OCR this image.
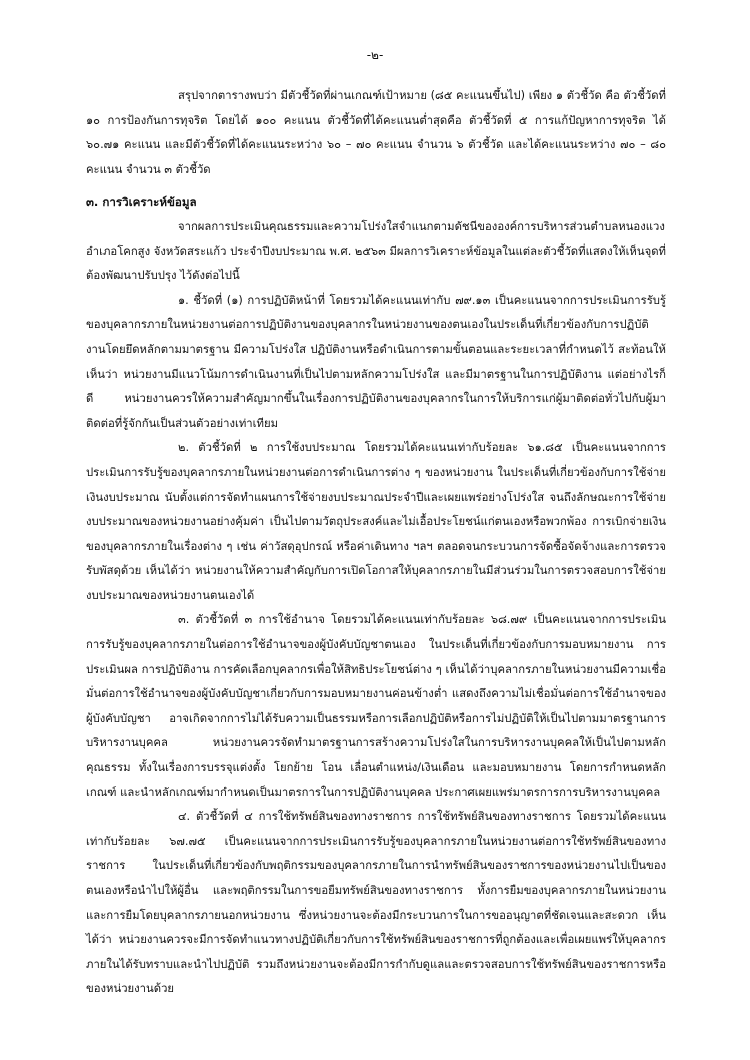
-๒-

สรุปจากตารางพบว่า มีตัวชี้วัดที่ผ่านเกณฑ์เป้าหมาย (๘๕ คะแนนขึ้นไป) เพียง ๑ ตัวชี้วัด คือ ตัวชี้วัดที่ ๑๐ การป้องกันการทุจริต โดยได้ ๑๐๐ คะแนน ตัวชี้วัดที่ได้คะแนนต่ำสุดคือ ตัวชี้วัดที่ ๕ การแก้ปัญหาการทุจริต ได้ ๖๐.๗๑ คะแนน และมีตัวชี้วัดที่ได้คะแนนระหว่าง ๖๐ – ๗๐ คะแนน จำนวน ๖ ตัวชี้วัด และได้คะแนนระหว่าง ๗๐ – ๘๐ คะแนน จำนวน ๓ ตัวชี้วัด

๓. การวิเคราะห์ข้อมูล

จากผลการประเมินคุณธรรมและความโปร่งใสจำแนกตามดัชนีขององค์การบริหารส่วนตำบลหนองแวง อำเภอโคกสูง จังหวัดสระแก้ว ประจำปีงบประมาณ พ.ศ. ๒๕๖๓ มีผลการวิเคราะห์ข้อมูลในแต่ละตัวชี้วัดที่แสดงให้เห็นจุดที่ต้องพัฒนาปรับปรุง ไว้ดังต่อไปนี้

๑. ชี้วัดที่ (๑) การปฏิบัติหน้าที่ โดยรวมได้คะแนนเท่ากับ ๗๙.๑๓ เป็นคะแนนจากการประเมินการรับรู้ของบุคลากรภายในหน่วยงานต่อการปฏิบัติงานของบุคลากรในหน่วยงานของตนเองในประเด็นที่เกี่ยวข้องกับการปฏิบัติงานโดยยึดหลักตามมาตรฐาน มีความโปร่งใส ปฏิบัติงานหรือดำเนินการตามขั้นตอนและระยะเวลาที่กำหนดไว้ สะท้อนให้เห็นว่า หน่วยงานมีแนวโน้มการดำเนินงานที่เป็นไปตามหลักความโปร่งใส และมีมาตรฐานในการปฏิบัติงาน แต่อย่างไรก็ดี หน่วยงานควรให้ความสำคัญมากขึ้นในเรื่องการปฏิบัติงานของบุคลากรในการให้บริการแก่ผู้มาติดต่อทั่วไปกับผู้มาติดต่อที่รู้จักกันเป็นส่วนตัวอย่างเท่าเทียม

๒. ตัวชี้วัดที่ ๒ การใช้งบประมาณ โดยรวมได้คะแนนเท่ากับร้อยละ ๖๑.๘๕ เป็นคะแนนจากการประเมินการรับรู้ของบุคลากรภายในหน่วยงานต่อการดำเนินการต่าง ๆ ของหน่วยงาน ในประเด็นที่เกี่ยวข้องกับการใช้จ่ายเงินงบประมาณ นับตั้งแต่การจัดทำแผนการใช้จ่ายงบประมาณประจำปีและเผยแพร่อย่างโปร่งใส จนถึงลักษณะการใช้จ่ายงบประมาณของหน่วยงานอย่างคุ้มค่า เป็นไปตามวัตถุประสงค์และไม่เอื้อประโยชน์แก่ตนเองหรือพวกพ้อง การเบิกจ่ายเงินของบุคลากรภายในเรื่องต่าง ๆ เช่น ค่าวัสดุอุปกรณ์ หรือค่าเดินทาง ฯลฯ ตลอดจนกระบวนการจัดซื้อจัดจ้างและการตรวจรับพัสดุด้วย เห็นได้ว่า หน่วยงานให้ความสำคัญกับการเปิดโอกาสให้บุคลากรภายในมีส่วนร่วมในการตรวจสอบการใช้จ่ายงบประมาณของหน่วยงานตนเองได้

๓. ตัวชี้วัดที่ ๓ การใช้อำนาจ โดยรวมได้คะแนนเท่ากับร้อยละ ๖๘.๗๙ เป็นคะแนนจากการประเมินการรับรู้ของบุคลากรภายในต่อการใช้อำนาจของผู้บังคับบัญชาตนเอง ในประเด็นที่เกี่ยวข้องกับการมอบหมายงาน การประเมินผล การปฏิบัติงาน การคัดเลือกบุคลากรเพื่อให้สิทธิประโยชน์ต่าง ๆ เห็นได้ว่าบุคลากรภายในหน่วยงานมีความเชื่อมั่นต่อการใช้อำนาจของผู้บังคับบัญชาเกี่ยวกับการมอบหมายงานค่อนข้างต่ำ แสดงถึงความไม่เชื่อมั่นต่อการใช้อำนาจของผู้บังคับบัญชา อาจเกิดจากการไม่ได้รับความเป็นธรรมหรือการเลือกปฏิบัติหรือการไม่ปฏิบัติให้เป็นไปตามมาตรฐานการบริหารงานบุคคล หน่วยงานควรจัดทำมาตรฐานการสร้างความโปร่งใสในการบริหารงานบุคคลให้เป็นไปตามหลักคุณธรรม ทั้งในเรื่องการบรรจุแต่งตั้ง โยกย้าย โอน เลื่อนตำแหน่ง/เงินเดือน และมอบหมายงาน โดยการกำหนดหลักเกณฑ์ และนำหลักเกณฑ์มากำหนดเป็นมาตรการในการปฏิบัติงานบุคคล ประกาศเผยแพร่มาตรการการบริหารงานบุคคล

๔. ตัวชี้วัดที่ ๔ การใช้ทรัพย์สินของทางราชการ การใช้ทรัพย์สินของทางราชการ โดยรวมได้คะแนนเท่ากับร้อยละ ๖๗.๗๕ เป็นคะแนนจากการประเมินการรับรู้ของบุคลากรภายในหน่วยงานต่อการใช้ทรัพย์สินของทางราชการ ในประเด็นที่เกี่ยวข้องกับพฤติกรรมของบุคลากรภายในการนำทรัพย์สินของราชการของหน่วยงานไปเป็นของตนเองหรือนำไปให้ผู้อื่น และพฤติกรรมในการขอยืมทรัพย์สินของทางราชการ ทั้งการยืมของบุคลากรภายในหน่วยงาน และการยืมโดยบุคลากรภายนอกหน่วยงาน ซึ่งหน่วยงานจะต้องมีกระบวนการในการขออนุญาตที่ชัดเจนและสะดวก เห็นได้ว่า หน่วยงานควรจะมีการจัดทำแนวทางปฏิบัติเกี่ยวกับการใช้ทรัพย์สินของราชการที่ถูกต้องและเพื่อเผยแพร่ให้บุคลากรภายในได้รับทราบและนำไปปฏิบัติ รวมถึงหน่วยงานจะต้องมีการกำกับดูแลและตรวจสอบการใช้ทรัพย์สินของราชการหรือของหน่วยงานด้วย
